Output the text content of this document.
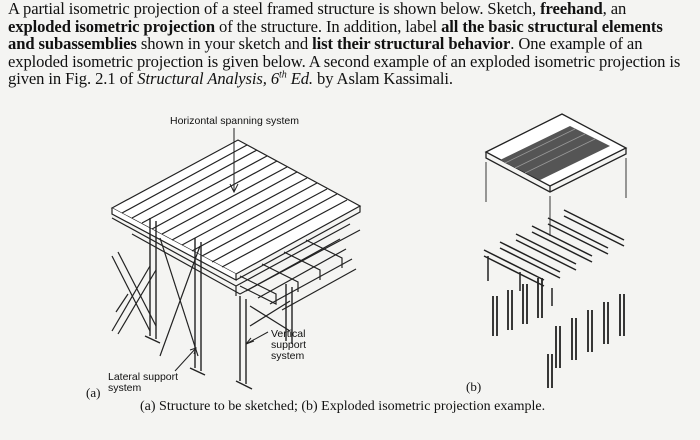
A partial isometric projection of a steel framed structure is shown below. Sketch, freehand, an exploded isometric projection of the structure. In addition, label all the basic structural elements and subassemblies shown in your sketch and list their structural behavior. One example of an exploded isometric projection is given below. A second example of an exploded isometric projection is given in Fig. 2.1 of Structural Analysis, 6th Ed. by Aslam Kassimali.

Horizontal spanning system
Vertical
support
system
Lateral support
system
(a)	(b)
(a) Structure to be sketched; (b) Exploded isometric projection example.
